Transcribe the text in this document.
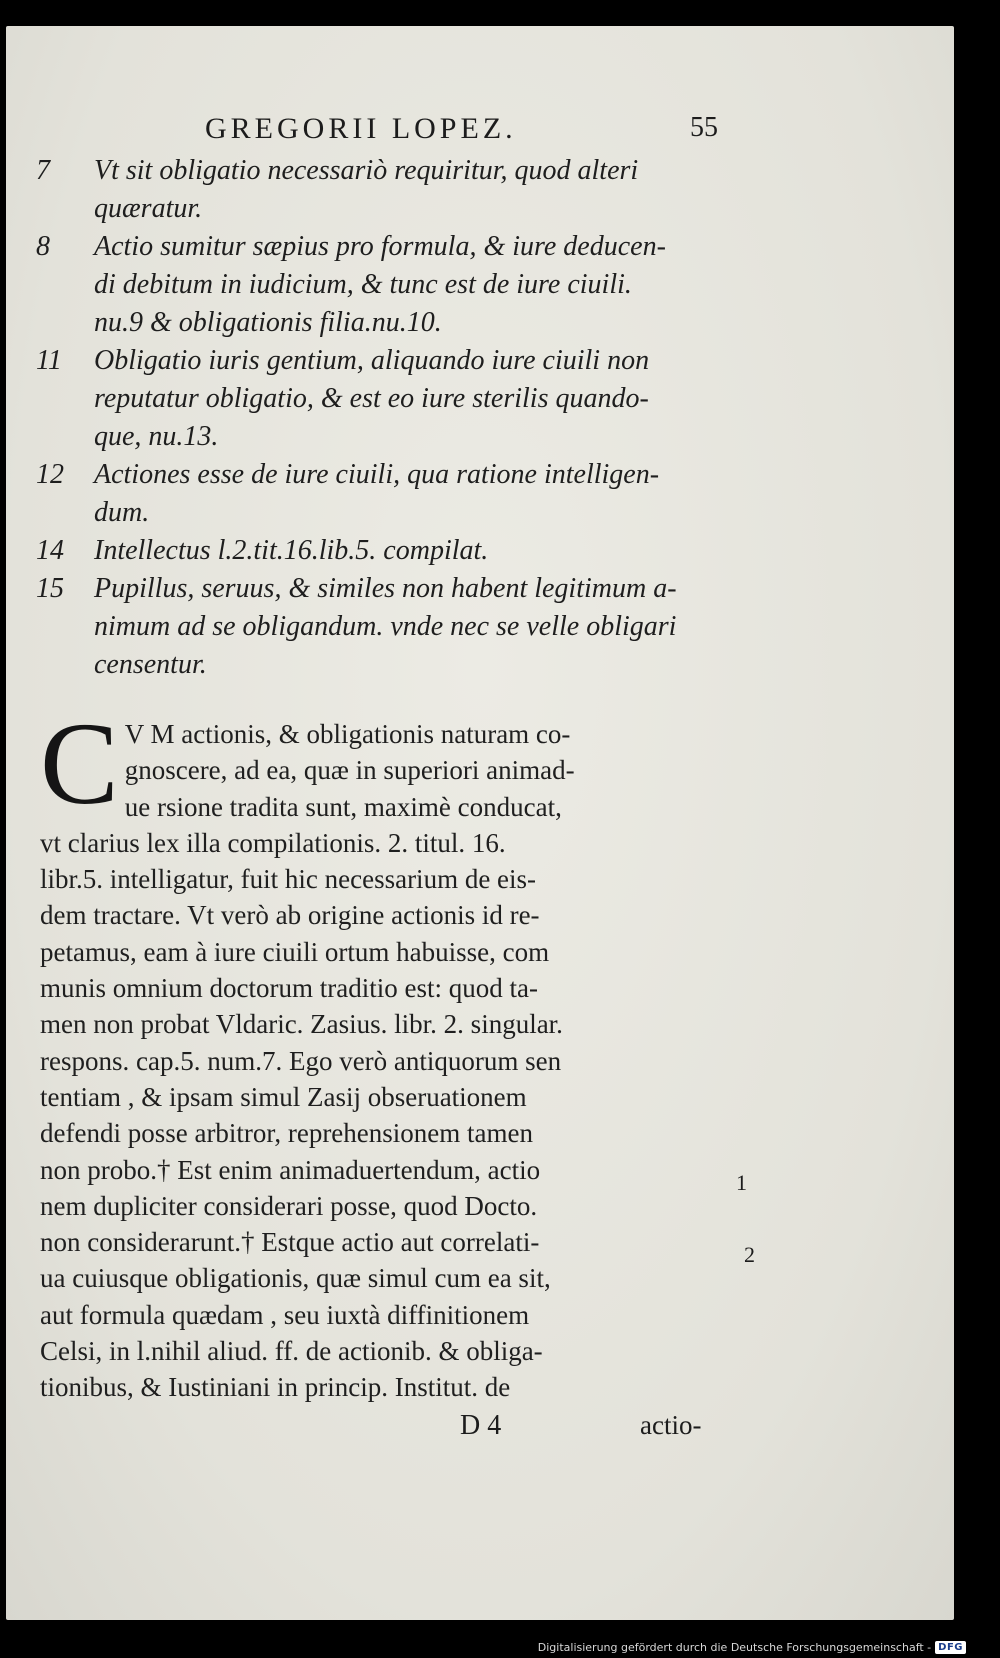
GREGORII LOPEZ.	55
7	Vt sit obligatio necessariò requiritur, quod alteri
quæratur.
8	Actio sumitur sæpius pro formula, & iure deducen-
di debitum in iudicium, & tunc est de iure ciuili.
nu.9 & obligationis filia.nu.10.
11	Obligatio iuris gentium, aliquando iure ciuili non
reputatur obligatio, & est eo iure sterilis quando-
que, nu.13.
12	Actiones esse de iure ciuili, qua ratione intelligen-
dum.
14	Intellectus l.2.tit.16.lib.5. compilat.
15	Pupillus, seruus, & similes non habent legitimum a-
nimum ad se obligandum. vnde nec se velle obligari
censentur.
C V M actionis, & obligationis naturam co-
gnoscere, ad ea, quæ in superiori animad-
ue rsione tradita sunt, maximè conducat,
vt clarius lex illa compilationis. 2. titul. 16.
libr.5. intelligatur, fuit hic necessarium de eis-
dem tractare. Vt verò ab origine actionis id re-
petamus, eam à iure ciuili ortum habuisse, com
munis omnium doctorum traditio est: quod ta-
men non probat Vldaric. Zasius. libr. 2. singular.
respons. cap.5. num.7. Ego verò antiquorum sen
tentiam , & ipsam simul Zasij obseruationem
defendi posse arbitror, reprehensionem tamen
non probo.† Est enim animaduertendum, actio
nem dupliciter considerari posse, quod Docto.
non considerarunt.† Estque actio aut correlati-
ua cuiusque obligationis, quæ simul cum ea sit,
aut formula quædam , seu iuxtà diffinitionem
Celsi, in l.nihil aliud. ff. de actionib. & obliga-
tionibus, & Iustiniani in princip. Institut. de
1
2
D 4	actio-
Digitalisierung gefördert durch die Deutsche Forschungsgemeinschaft - DFG
